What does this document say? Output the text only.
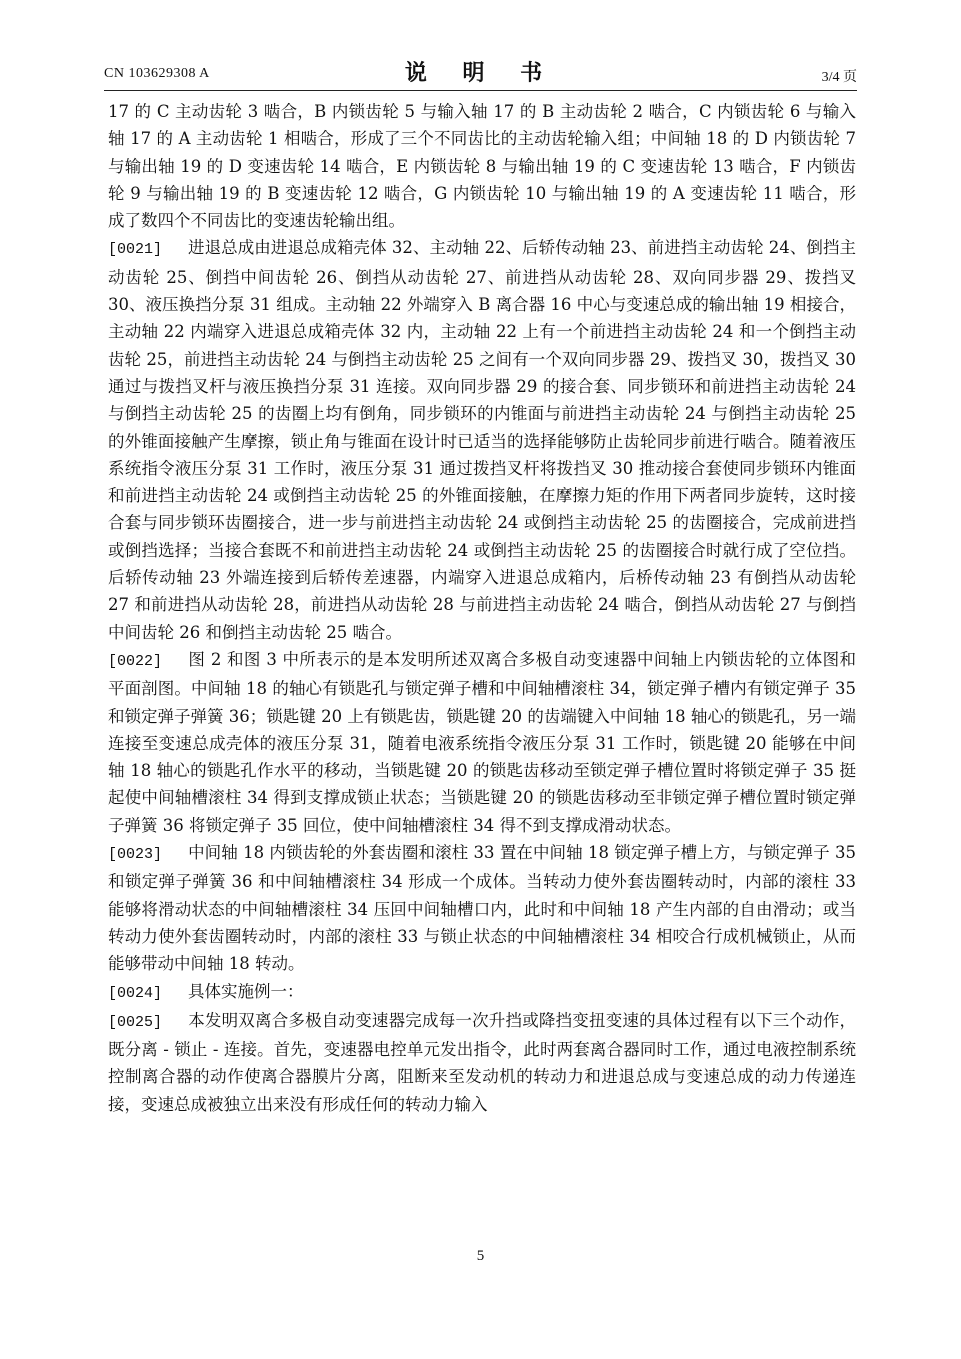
CN 103629308 A	说 明 书	3/4 页

17 的 C 主动齿轮 3 啮合，B 内锁齿轮 5 与输入轴 17 的 B 主动齿轮 2 啮合，C 内锁齿轮 6 与输入轴 17 的 A 主动齿轮 1 相啮合，形成了三个不同齿比的主动齿轮输入组；中间轴 18 的 D 内锁齿轮 7 与输出轴 19 的 D 变速齿轮 14 啮合，E 内锁齿轮 8 与输出轴 19 的 C 变速齿轮 13 啮合，F 内锁齿轮 9 与输出轴 19 的 B 变速齿轮 12 啮合，G 内锁齿轮 10 与输出轴 19 的 A 变速齿轮 11 啮合，形成了数四个不同齿比的变速齿轮输出组。

[0021] 进退总成由进退总成箱壳体 32、主动轴 22、后轿传动轴 23、前进挡主动齿轮 24、倒挡主动齿轮 25、倒挡中间齿轮 26、倒挡从动齿轮 27、前进挡从动齿轮 28、双向同步器 29、拨挡叉 30、液压换挡分泵 31 组成。主动轴 22 外端穿入 B 离合器 16 中心与变速总成的输出轴 19 相接合，主动轴 22 内端穿入进退总成箱壳体 32 内，主动轴 22 上有一个前进挡主动齿轮 24 和一个倒挡主动齿轮 25，前进挡主动齿轮 24 与倒挡主动齿轮 25 之间有一个双向同步器 29、拨挡叉 30，拨挡叉 30 通过与拨挡叉杆与液压换挡分泵 31 连接。双向同步器 29 的接合套、同步锁环和前进挡主动齿轮 24 与倒挡主动齿轮 25 的齿圈上均有倒角，同步锁环的内锥面与前进挡主动齿轮 24 与倒挡主动齿轮 25 的外锥面接触产生摩擦，锁止角与锥面在设计时已适当的选择能够防止齿轮同步前进行啮合。随着液压系统指令液压分泵 31 工作时，液压分泵 31 通过拨挡叉杆将拨挡叉 30 推动接合套使同步锁环内锥面和前进挡主动齿轮 24 或倒挡主动齿轮 25 的外锥面接触，在摩擦力矩的作用下两者同步旋转，这时接合套与同步锁环齿圈接合，进一步与前进挡主动齿轮 24 或倒挡主动齿轮 25 的齿圈接合，完成前进挡或倒挡选择；当接合套既不和前进挡主动齿轮 24 或倒挡主动齿轮 25 的齿圈接合时就行成了空位挡。后轿传动轴 23 外端连接到后轿传差速器，内端穿入进退总成箱内，后桥传动轴 23 有倒挡从动齿轮 27 和前进挡从动齿轮 28，前进挡从动齿轮 28 与前进挡主动齿轮 24 啮合，倒挡从动齿轮 27 与倒挡中间齿轮 26 和倒挡主动齿轮 25 啮合。

[0022] 图 2 和图 3 中所表示的是本发明所述双离合多极自动变速器中间轴上内锁齿轮的立体图和平面剖图。中间轴 18 的轴心有锁匙孔与锁定弹子槽和中间轴槽滚柱 34，锁定弹子槽内有锁定弹子 35 和锁定弹子弹簧 36；锁匙键 20 上有锁匙齿，锁匙键 20 的齿端键入中间轴 18 轴心的锁匙孔，另一端连接至变速总成壳体的液压分泵 31，随着电液系统指令液压分泵 31 工作时，锁匙键 20 能够在中间轴 18 轴心的锁匙孔作水平的移动，当锁匙键 20 的锁匙齿移动至锁定弹子槽位置时将锁定弹子 35 挺起使中间轴槽滚柱 34 得到支撑成锁止状态；当锁匙键 20 的锁匙齿移动至非锁定弹子槽位置时锁定弹子弹簧 36 将锁定弹子 35 回位，使中间轴槽滚柱 34 得不到支撑成滑动状态。

[0023] 中间轴 18 内锁齿轮的外套齿圈和滚柱 33 置在中间轴 18 锁定弹子槽上方，与锁定弹子 35 和锁定弹子弹簧 36 和中间轴槽滚柱 34 形成一个成体。当转动力使外套齿圈转动时，内部的滚柱 33 能够将滑动状态的中间轴槽滚柱 34 压回中间轴槽口内，此时和中间轴 18 产生内部的自由滑动；或当转动力使外套齿圈转动时，内部的滚柱 33 与锁止状态的中间轴槽滚柱 34 相咬合行成机械锁止，从而能够带动中间轴 18 转动。

[0024] 具体实施例一：

[0025] 本发明双离合多极自动变速器完成每一次升挡或降挡变扭变速的具体过程有以下三个动作，既分离 - 锁止 - 连接。首先，变速器电控单元发出指令，此时两套离合器同时工作，通过电液控制系统控制离合器的动作使离合器膜片分离，阻断来至发动机的转动力和进退总成与变速总成的动力传递连接，变速总成被独立出来没有形成任何的转动力输入

5
